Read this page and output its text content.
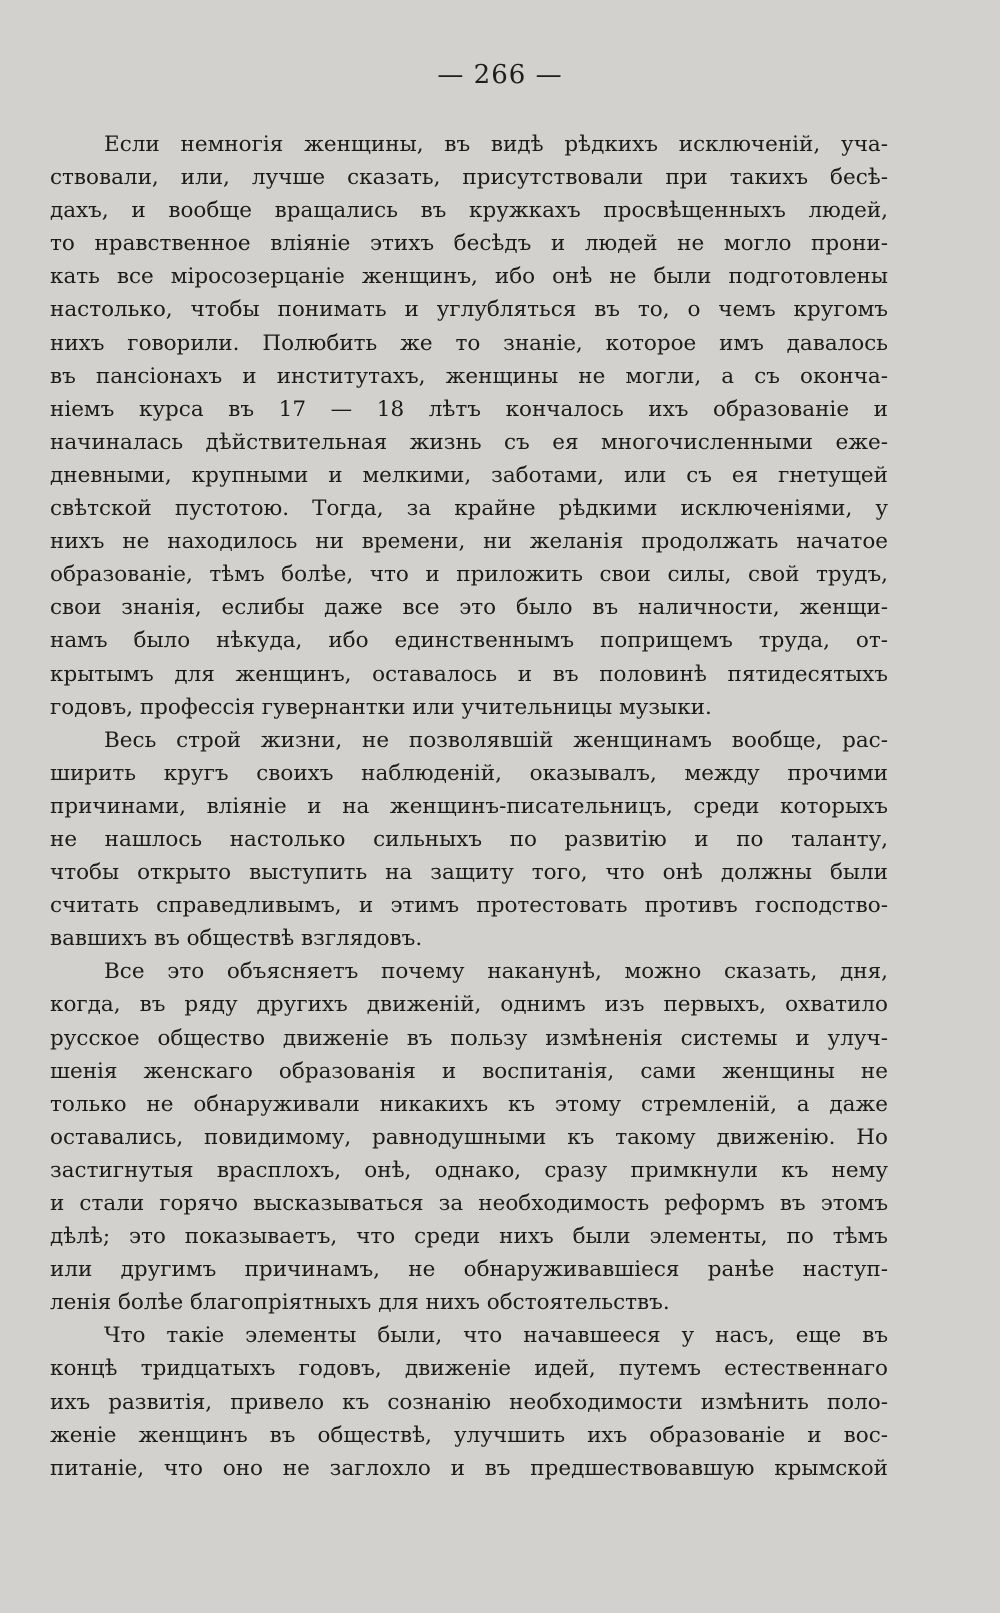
— 266 —
Если немногія женщины, въ видѣ рѣдкихъ исключеній, уча-
ствовали, или, лучше сказать, присутствовали при такихъ бесѣ-
дахъ, и вообще вращались въ кружкахъ просвѣщенныхъ людей,
то нравственное вліяніе этихъ бесѣдъ и людей не могло прони-
кать все міросозерцаніе женщинъ, ибо онѣ не были подготовлены
настолько, чтобы понимать и углубляться въ то, о чемъ кругомъ
нихъ говорили. Полюбить же то знаніе, которое имъ давалось
въ пансіонахъ и институтахъ, женщины не могли, а съ оконча-
ніемъ курса въ 17 — 18 лѣтъ кончалось ихъ образованіе и
начиналась дѣйствительная жизнь съ ея многочисленными еже-
дневными, крупными и мелкими, заботами, или съ ея гнетущей
свѣтской пустотою. Тогда, за крайне рѣдкими исключеніями, у
нихъ не находилось ни времени, ни желанія продолжать начатое
образованіе, тѣмъ болѣе, что и приложить свои силы, свой трудъ,
свои знанія, еслибы даже все это было въ наличности, женщи-
намъ было нѣкуда, ибо единственнымъ поприщемъ труда, от-
крытымъ для женщинъ, оставалось и въ половинѣ пятидесятыхъ
годовъ, профессія гувернантки или учительницы музыки.
Весь строй жизни, не позволявшій женщинамъ вообще, рас-
ширить кругъ своихъ наблюденій, оказывалъ, между прочими
причинами, вліяніе и на женщинъ-писательницъ, среди которыхъ
не нашлось настолько сильныхъ по развитію и по таланту,
чтобы открыто выступить на защиту того, что онѣ должны были
считать справедливымъ, и этимъ протестовать противъ господство-
вавшихъ въ обществѣ взглядовъ.
Все это объясняетъ почему наканунѣ, можно сказать, дня,
когда, въ ряду другихъ движеній, однимъ изъ первыхъ, охватило
русское общество движеніе въ пользу измѣненія системы и улуч-
шенія женскаго образованія и воспитанія, сами женщины не
только не обнаруживали никакихъ къ этому стремленій, а даже
оставались, повидимому, равнодушными къ такому движенію. Но
застигнутыя врасплохъ, онѣ, однако, сразу примкнули къ нему
и стали горячо высказываться за необходимость реформъ въ этомъ
дѣлѣ; это показываетъ, что среди нихъ были элементы, по тѣмъ
или другимъ причинамъ, не обнаруживавшіеся ранѣе наступ-
ленія болѣе благопріятныхъ для нихъ обстоятельствъ.
Что такіе элементы были, что начавшееся у насъ, еще въ
концѣ тридцатыхъ годовъ, движеніе идей, путемъ естественнаго
ихъ развитія, привело къ сознанію необходимости измѣнить поло-
женіе женщинъ въ обществѣ, улучшить ихъ образованіе и вос-
питаніе, что оно не заглохло и въ предшествовавшую крымской
